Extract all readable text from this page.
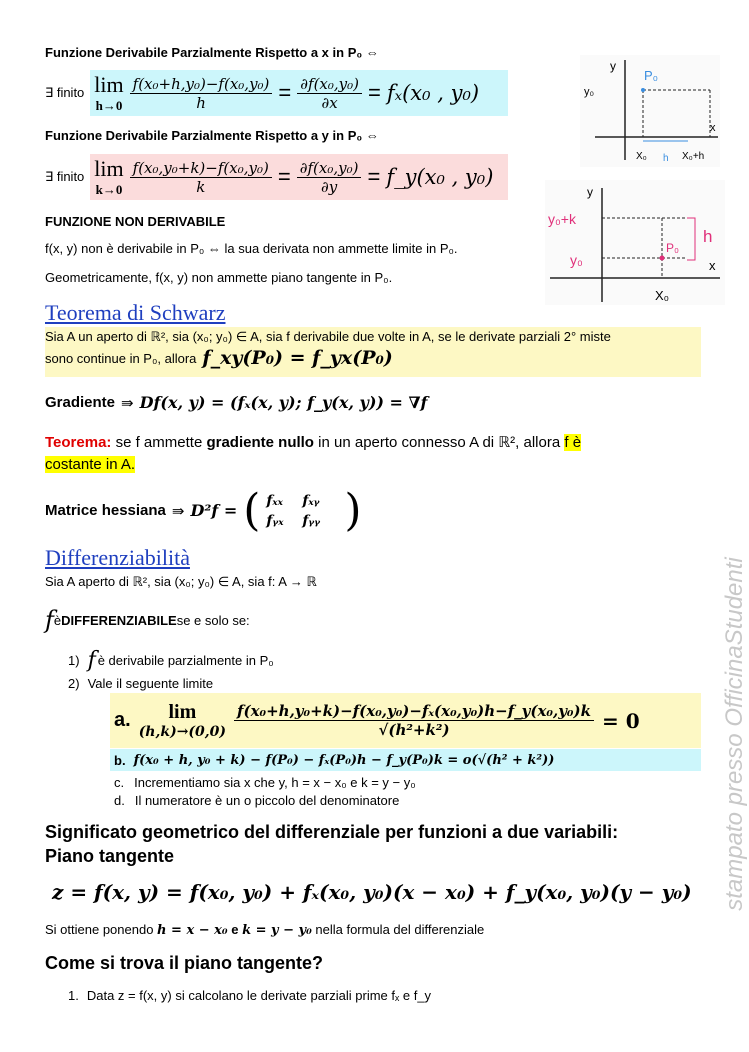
Funzione Derivabile Parzialmente Rispetto a x in P₀ ⇔
∃ finito lim
$h\to 0 \frac{\text{f(x₀+h,y₀)−f(x₀,y₀)}}{h} = \frac{\text{∂f(x₀,y₀)}}{\partial x} = f_x(x_0$ , y₀)
Funzione Derivabile Parzialmente Rispetto a y in P₀ ⇔
∃ finito lim
$k\to 0 \frac{\text{f(x₀,y₀+k)−f(x₀,y₀)}}{k} = \frac{\text{∂f(x₀,y₀)}}{\partial y}$ = f_y(x₀ , y₀)
FUNZIONE NON DERIVABILE
f(x, y) non è derivabile in P₀ ⇔ la sua derivata non ammette limite in P₀.
Geometricamente, f(x, y) non ammette piano tangente in P₀.
y
x
y₀
P₀
X₀	X₀+h
h
y
x
y₀+k
y₀
P₀
X₀
h
Teorema di Schwarz
Sia A un aperto di ℝ², sia (x₀; y₀) ∈ A, sia f derivabile due volte in A, se le derivate parziali 2° miste
sono continue in P₀, allora f_xy(P₀) = f_yx(P₀)
Gradiente ⇛ Df(x, y) = (fₓ(x, y); f_y(x, y)) = ∇f
Teorema: se f ammette gradiente nullo in un aperto connesso A di ℝ², allora f è
costante in A.
Matrice hessiana ⇛ D²f = ( fₓₓ	fₓᵧ
fᵧₓ	fᵧᵧ )
Differenziabilità
Sia A aperto di ℝ², sia (x₀; y₀) ∈ A, sia f: A → ℝ
f è DIFFERENZIABILE se e solo se:
1) f è derivabile parzialmente in P₀
2) Vale il seguente limite
a. lim
$(h,k)\to(0,0) \frac{\text{f(x₀+h,y₀+k)−f(x₀,y₀)−fₓ(x₀,y₀)h−f\_y(x₀,y₀)k}}{\text{√(h²+k²)}} = 0$
b. f(x₀ + h, y₀ + k) − f(P₀) − fₓ(P₀)h − f_y(P₀)k = o(√(h² + k²))
c. Incrementiamo sia x che y, h = x − x₀ e k = y − y₀
d. Il numeratore è un o piccolo del denominatore
Significato geometrico del differenziale per funzioni a due variabili:
Piano tangente
z = f(x, y) = f(x₀, y₀) + fₓ(x₀, y₀)(x − x₀) + f_y(x₀, y₀)(y − y₀)
Si ottiene ponendo h = x − x₀ e k = y − y₀ nella formula del differenziale
Come si trova il piano tangente?
1. Data z = f(x, y) si calcolano le derivate parziali prime fₓ e f_y
stampato presso OfficinaStudenti
